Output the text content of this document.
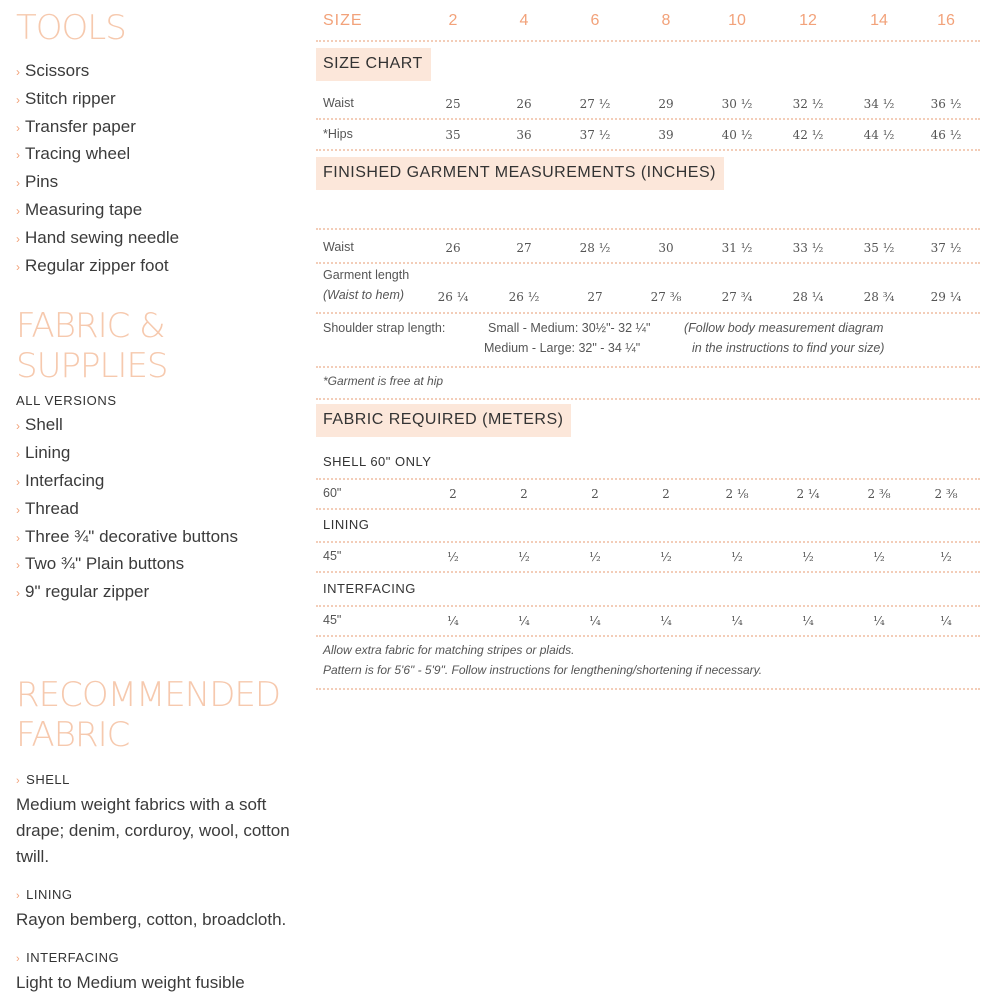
TOOLS
› Scissors
› Stitch ripper
› Transfer paper
› Tracing wheel
› Pins
› Measuring tape
› Hand sewing needle
› Regular zipper foot
FABRIC & SUPPLIES

ALL VERSIONS

› Shell
› Lining
› Interfacing
› Thread
› Three ¾" decorative buttons
› Two ¾" Plain buttons
› 9" regular zipper
RECOMMENDED
FABRIC
› SHELL
Medium weight fabrics with a soft drape; denim, corduroy, wool, cotton twill.
› LINING
Rayon bemberg, cotton, broadcloth.
› INTERFACING
Light to Medium weight fusible
SIZE	2	4	6	8	10	12	14	16
SIZE CHART
Waist	25	26	27 ½	29	30 ½	32 ½	34 ½	36 ½
*Hips	35	36	37 ½	39	40 ½	42 ½	44 ½	46 ½
FINISHED GARMENT MEASUREMENTS (INCHES)
Waist	26	27	28 ½	30	31 ½	33 ½	35 ½	37 ½
Garment length
(Waist to hem)	26 ¼	26 ½	27	27 ⅜	27 ¾	28 ¼	28 ¾	29 ¼
Shoulder strap length:	Small - Medium: 30½"- 32 ¼"	(Follow body measurement diagram
Medium - Large: 32" - 34 ¼"	in the instructions to find your size)
*Garment is free at hip
FABRIC REQUIRED (METERS)
SHELL 60" ONLY
60"	2	2	2	2	2 ⅛	2 ¼	2 ⅜	2 ⅜
LINING
45"	½	½	½	½	½	½	½	½
INTERFACING
45"	¼	¼	¼	¼	¼	¼	¼	¼
Allow extra fabric for matching stripes or plaids.
Pattern is for 5'6" - 5'9". Follow instructions for lengthening/shortening if necessary.
